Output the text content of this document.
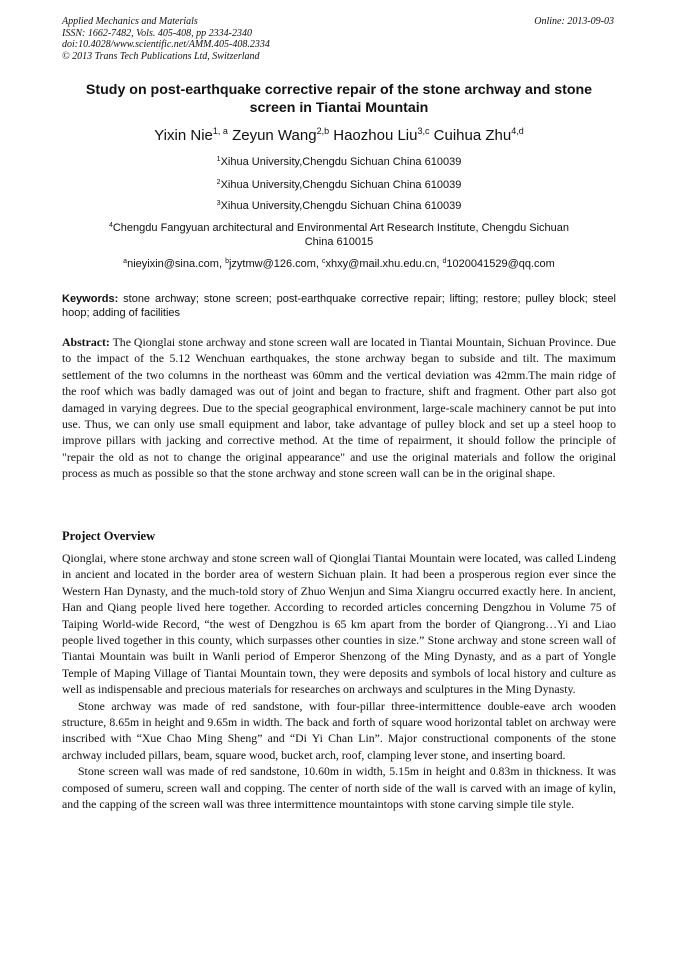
Applied Mechanics and Materials
ISSN: 1662-7482, Vols. 405-408, pp 2334-2340
doi:10.4028/www.scientific.net/AMM.405-408.2334
© 2013 Trans Tech Publications Ltd, Switzerland
Online: 2013-09-03
Study on post-earthquake corrective repair of the stone archway and stone screen in Tiantai Mountain
Yixin Nie$^{1, a}$ Zeyun Wang$^{2,b}$ Haozhou Liu$^{3,c}$ Cuihua Zhu$^{4,d}$
$^1$Xihua University,Chengdu Sichuan China 610039
$^2$Xihua University,Chengdu Sichuan China 610039
$^3$Xihua University,Chengdu Sichuan China 610039
$^4$Chengdu Fangyuan architectural and Environmental Art Research Institute, Chengdu Sichuan China 610015
$^a$nieyixin@sina.com, $^b$jzytmw@126.com, $^c$xhxy@mail.xhu.edu.cn, $^d$1020041529@qq.com
Keywords: stone archway; stone screen; post-earthquake corrective repair; lifting; restore; pulley block; steel hoop; adding of facilities
Abstract: The Qionglai stone archway and stone screen wall are located in Tiantai Mountain, Sichuan Province. Due to the impact of the 5.12 Wenchuan earthquakes, the stone archway began to subside and tilt. The maximum settlement of the two columns in the northeast was 60mm and the vertical deviation was 42mm.The main ridge of the roof which was badly damaged was out of joint and began to fracture, shift and fragment. Other part also got damaged in varying degrees. Due to the special geographical environment, large-scale machinery cannot be put into use. Thus, we can only use small equipment and labor, take advantage of pulley block and set up a steel hoop to improve pillars with jacking and corrective method. At the time of repairment, it should follow the principle of "repair the old as not to change the original appearance" and use the original materials and follow the original process as much as possible so that the stone archway and stone screen wall can be in the original shape.
Project Overview

Qionglai, where stone archway and stone screen wall of Qionglai Tiantai Mountain were located, was called Lindeng in ancient and located in the border area of western Sichuan plain. It had been a prosperous region ever since the Western Han Dynasty, and the much-told story of Zhuo Wenjun and Sima Xiangru occurred exactly here. In ancient, Han and Qiang people lived here together. According to recorded articles concerning Dengzhou in Volume 75 of Taiping World-wide Record, “the west of Dengzhou is 65 km apart from the border of Qiangrong…Yi and Liao people lived together in this county, which surpasses other counties in size.” Stone archway and stone screen wall of Tiantai Mountain was built in Wanli period of Emperor Shenzong of the Ming Dynasty, and as a part of Yongle Temple of Maping Village of Tiantai Mountain town, they were deposits and symbols of local history and culture as well as indispensable and precious materials for researches on archways and sculptures in the Ming Dynasty.

Stone archway was made of red sandstone, with four-pillar three-intermittence double-eave arch wooden structure, 8.65m in height and 9.65m in width. The back and forth of square wood horizontal tablet on archway were inscribed with “Xue Chao Ming Sheng” and “Di Yi Chan Lin”. Major constructional components of the stone archway included pillars, beam, square wood, bucket arch, roof, clamping lever stone, and inserting board.

Stone screen wall was made of red sandstone, 10.60m in width, 5.15m in height and 0.83m in thickness. It was composed of sumeru, screen wall and copping. The center of north side of the wall is carved with an image of kylin, and the capping of the screen wall was three intermittence mountaintops with stone carving simple tile style.
